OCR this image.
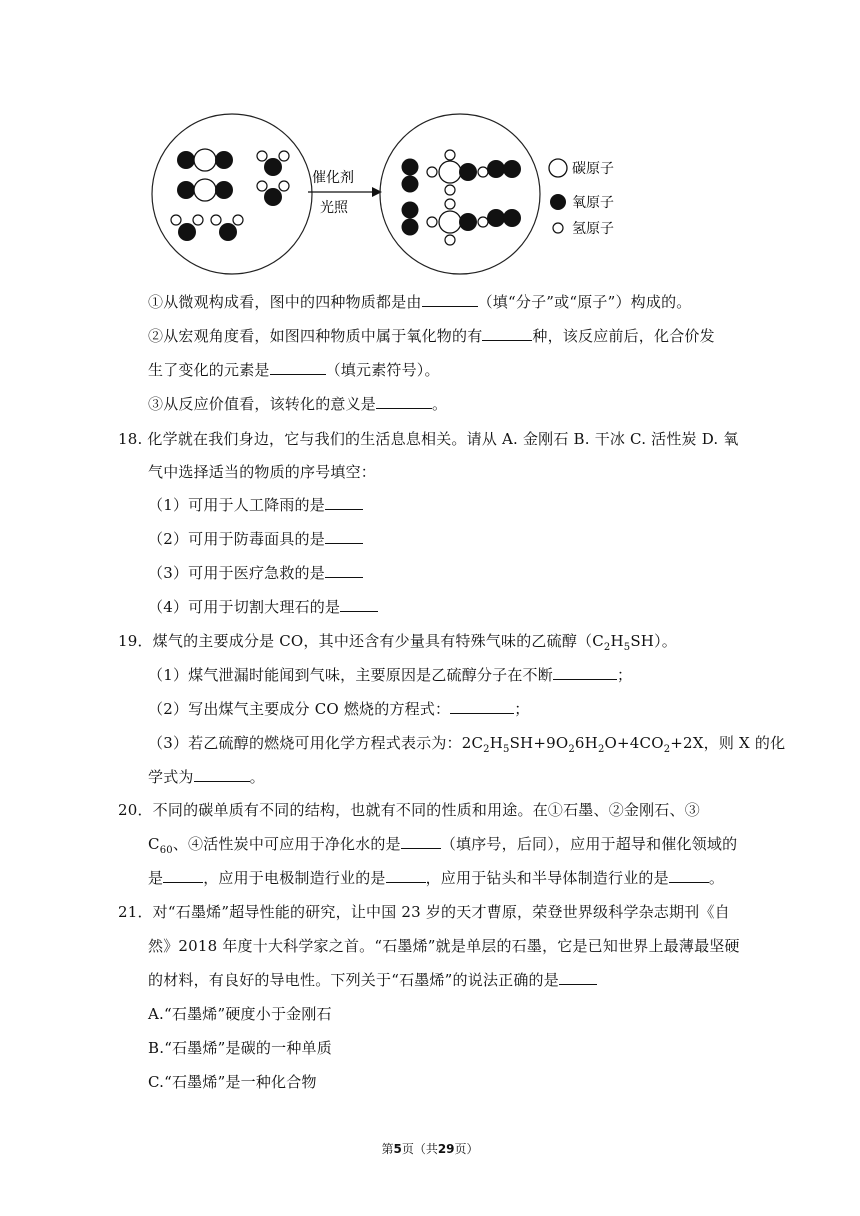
催化剂
光照
碳原子
氧原子
氢原子
①从微观构成看，图中的四种物质都是由	（填“分子”或“原子”）构成的。
②从宏观角度看，如图四种物质中属于氧化物的有	种，该反应前后，化合价发
生了变化的元素是	（填元素符号）。
③从反应价值看，该转化的意义是	。
18. 化学就在我们身边，它与我们的生活息息相关。请从 A. 金刚石 B. 干冰 C. 活性炭 D. 氧
气中选择适当的物质的序号填空：
（1）可用于人工降雨的是
（2）可用于防毒面具的是
（3）可用于医疗急救的是
（4）可用于切割大理石的是
19．煤气的主要成分是 CO，其中还含有少量具有特殊气味的乙硫醇$(C_2H_5SH)$。
（1）煤气泄漏时能闻到气味，主要原因是乙硫醇分子在不断	；
（2）写出煤气主要成分 CO 燃烧的方程式：	；
（3）若乙硫醇的燃烧可用化学方程式表示为：$2C_2H_5SH+9O_26H_2O+4CO_2+2X$，则 X 的化
学式为	。
20．不同的碳单质有不同的结构，也就有不同的性质和用途。在①石墨、②金刚石、③
$C_{60}$、④活性炭中可应用于净化水的是	（填序号，后同），应用于超导和催化领域的
是	，应用于电极制造行业的是	，应用于钻头和半导体制造行业的是	。
21．对“石墨烯”超导性能的研究，让中国 23 岁的天才曹原，荣登世界级科学杂志期刊《自
然》2018 年度十大科学家之首。“石墨烯”就是单层的石墨，它是已知世界上最薄最坚硬
的材料，有良好的导电性。下列关于“石墨烯”的说法正确的是
A.“石墨烯”硬度小于金刚石
B.“石墨烯”是碳的一种单质
C.“石墨烯”是一种化合物
第5页（共29页）
